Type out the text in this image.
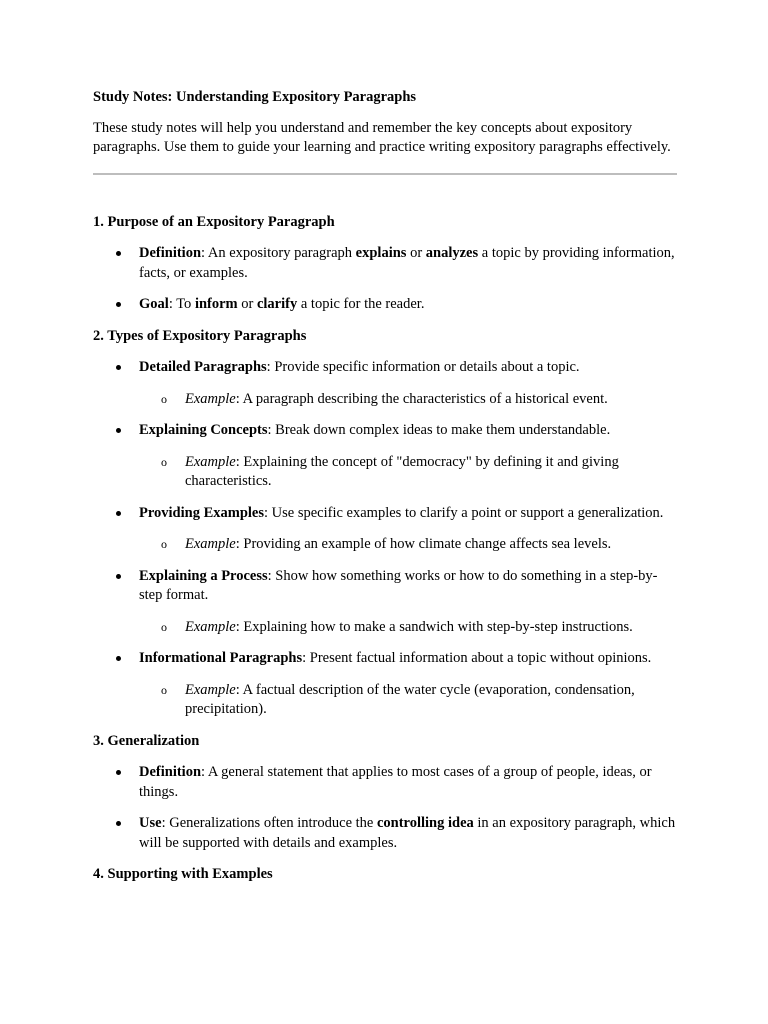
Study Notes: Understanding Expository Paragraphs

These study notes will help you understand and remember the key concepts about expository paragraphs. Use them to guide your learning and practice writing expository paragraphs effectively.

1. Purpose of an Expository Paragraph
Definition: An expository paragraph explains or analyzes a topic by providing information, facts, or examples.
Goal: To inform or clarify a topic for the reader.
2. Types of Expository Paragraphs
Detailed Paragraphs: Provide specific information or details about a topic.
o Example: A paragraph describing the characteristics of a historical event.
Explaining Concepts: Break down complex ideas to make them understandable.
o Example: Explaining the concept of "democracy" by defining it and giving characteristics.
Providing Examples: Use specific examples to clarify a point or support a generalization.
o Example: Providing an example of how climate change affects sea levels.
Explaining a Process: Show how something works or how to do something in a step-by-step format.
o Example: Explaining how to make a sandwich with step-by-step instructions.
Informational Paragraphs: Present factual information about a topic without opinions.
o Example: A factual description of the water cycle (evaporation, condensation, precipitation).
3. Generalization
Definition: A general statement that applies to most cases of a group of people, ideas, or things.
Use: Generalizations often introduce the controlling idea in an expository paragraph, which will be supported with details and examples.
4. Supporting with Examples
